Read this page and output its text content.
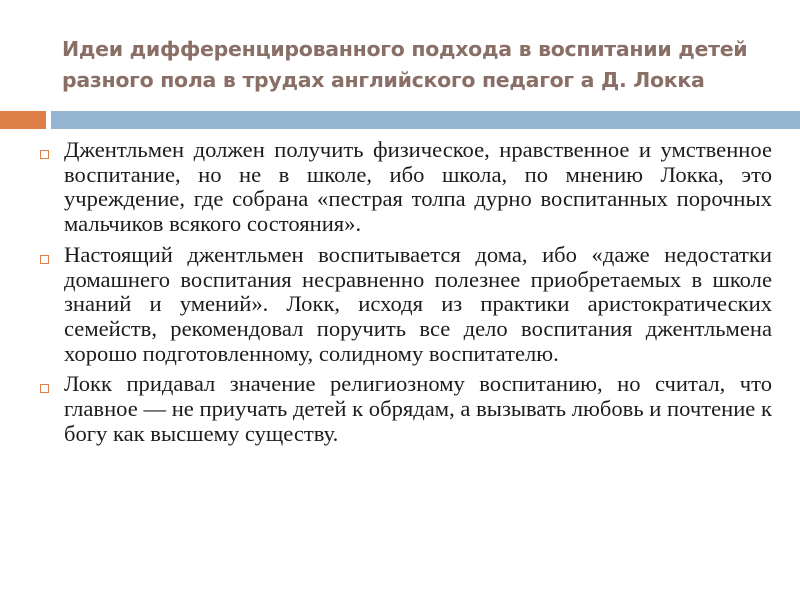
Идеи дифференцированного подхода в воспитании детей
разного пола в трудах английского педагог а Д. Локка
Джентльмен должен получить физическое, нравственное и умственное воспитание, но не в школе, ибо школа, по мнению Локка, это учреждение, где собрана «пестрая толпа дурно воспитанных порочных мальчиков всякого состояния».
Настоящий джентльмен воспитывается дома, ибо «даже недостатки домашнего воспитания несравненно полезнее приобретаемых в школе знаний и умений». Локк, исходя из практики аристократических семейств, рекомендовал поручить все дело воспитания джентльмена хорошо подготовленному, солидному воспитателю.
Локк придавал значение религиозному воспитанию, но считал, что главное — не приучать детей к обрядам, а вызывать любовь и почтение к богу как высшему существу.
